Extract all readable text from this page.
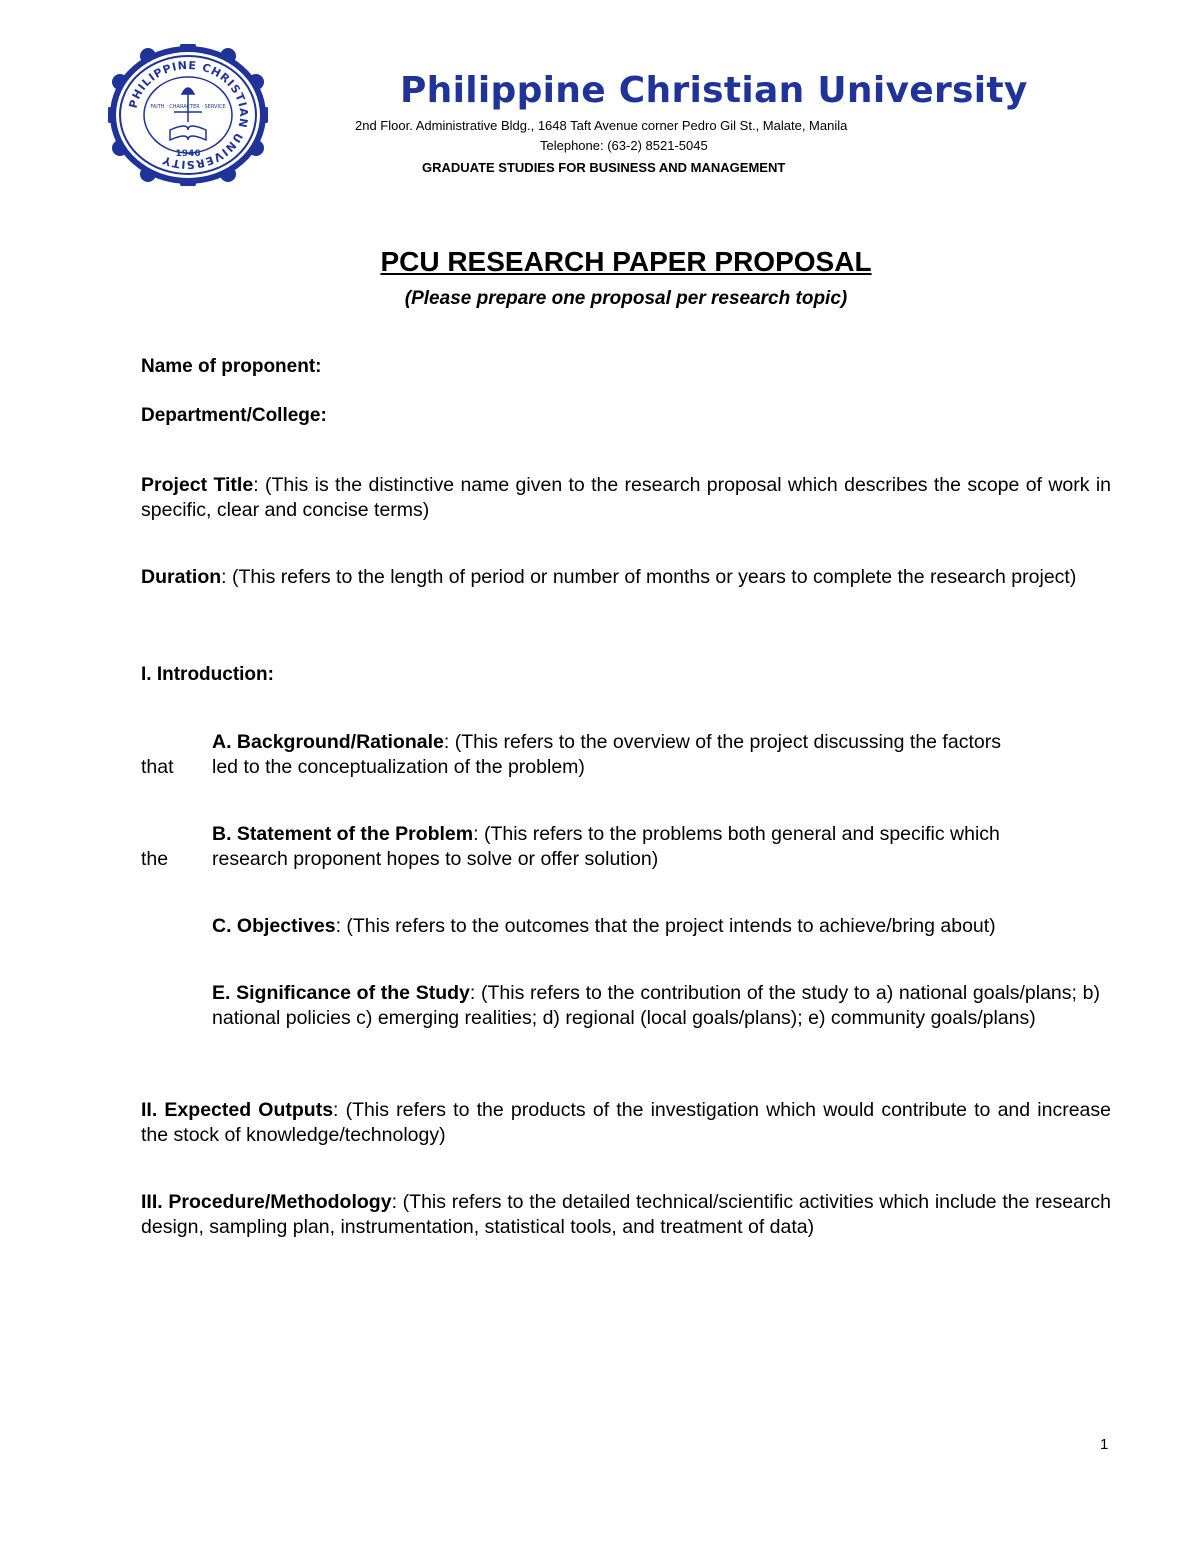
PHILIPPINE CHRISTIAN UNIVERSITY
FAITH · CHARACTER · SERVICE
1946
Philippine Christian University
2nd Floor. Administrative Bldg., 1648 Taft Avenue corner Pedro Gil St., Malate, Manila
Telephone: (63-2) 8521-5045
GRADUATE STUDIES FOR BUSINESS AND MANAGEMENT
PCU RESEARCH PAPER PROPOSAL
(Please prepare one proposal per research topic)
Name of proponent:
Department/College:
Project Title: (This is the distinctive name given to the research proposal which describes the scope of work in specific, clear and concise terms)
Duration: (This refers to the length of period or number of months or years to complete the research project)
I. Introduction:
A. Background/Rationale: (This refers to the overview of the project discussing the factors
that led to the conceptualization of the problem)
B. Statement of the Problem: (This refers to the problems both general and specific which
the research proponent hopes to solve or offer solution)
C. Objectives: (This refers to the outcomes that the project intends to achieve/bring about)
E. Significance of the Study: (This refers to the contribution of the study to a) national goals/plans; b) national policies c) emerging realities; d) regional (local goals/plans); e) community goals/plans)
II. Expected Outputs: (This refers to the products of the investigation which would contribute to and increase the stock of knowledge/technology)
III. Procedure/Methodology: (This refers to the detailed technical/scientific activities which include the research design, sampling plan, instrumentation, statistical tools, and treatment of data)
1
